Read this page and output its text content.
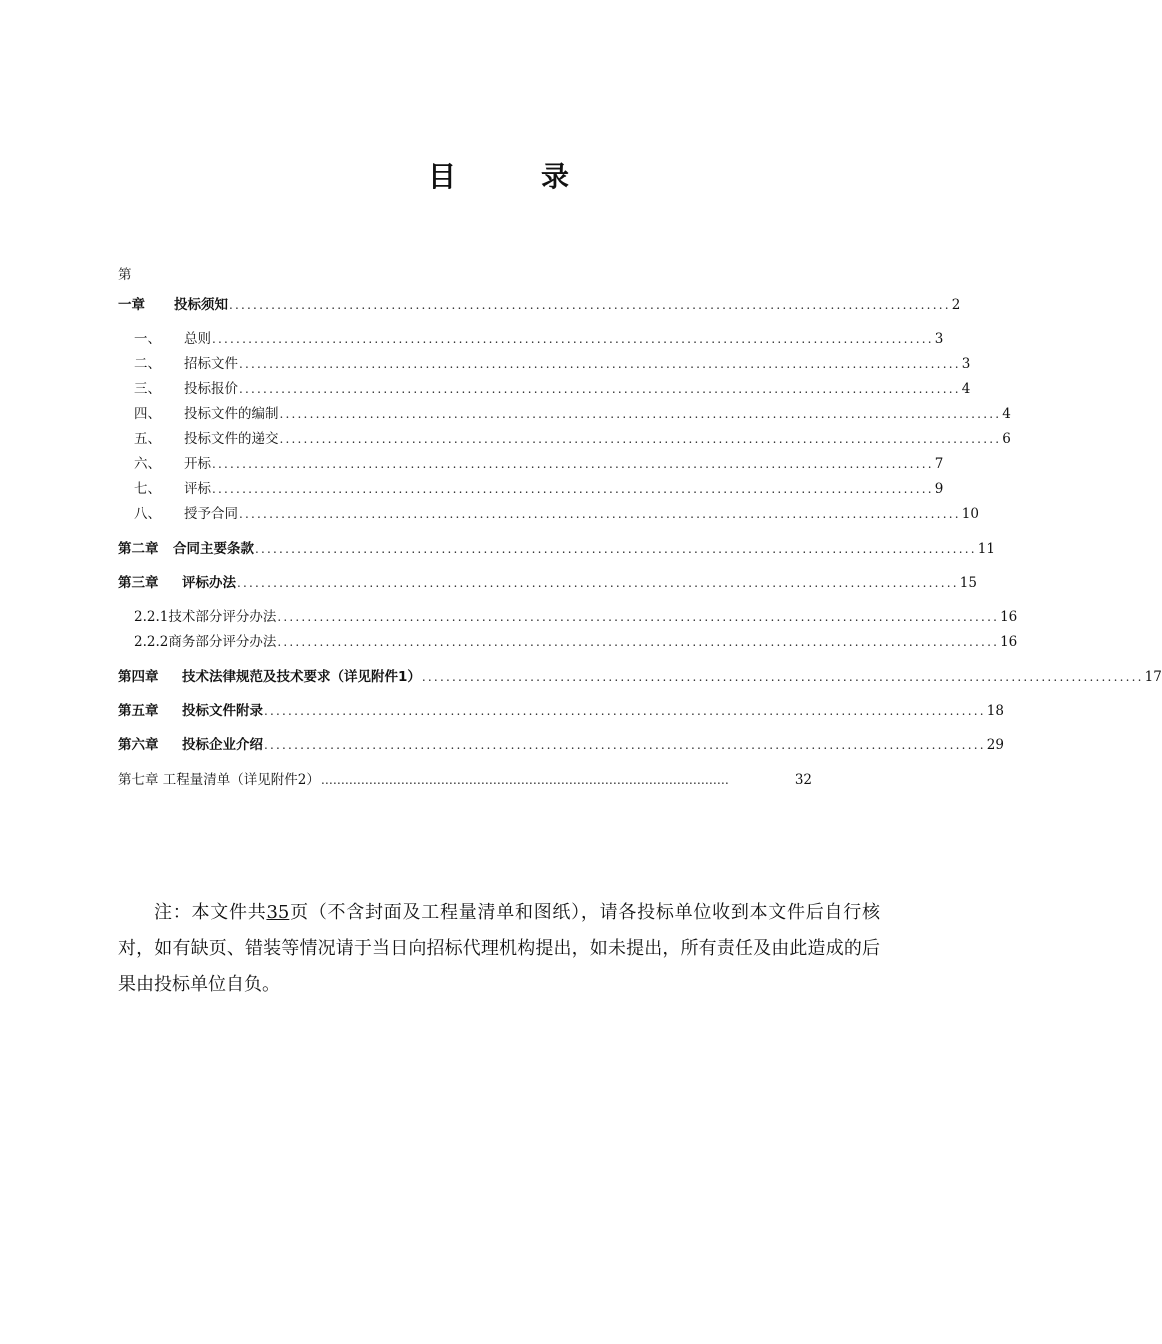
目	录
第
一章 投标须知 ........................................................................................................................ 2
一、 总则 ........................................................................................................................ 3
二、 招标文件 ........................................................................................................................ 3
三、 投标报价 ........................................................................................................................ 4
四、 投标文件的编制 ........................................................................................................................ 4
五、 投标文件的递交 ........................................................................................................................ 6
六、 开标 ........................................................................................................................ 7
七、 评标 ........................................................................................................................ 9
八、 授予合同 ........................................................................................................................ 10
第二章 合同主要条款 ........................................................................................................................ 11
第三章 评标办法 ........................................................................................................................ 15
2.2.1技术部分评分办法 ........................................................................................................................ 16
2.2.2商务部分评分办法 ........................................................................................................................ 16
第四章 技术法律规范及技术要求（详见附件1） ........................................................................................................................ 17
第五章 投标文件附录 ........................................................................................................................ 18
第六章 投标企业介绍 ........................................................................................................................ 29
第七章 工程量清单（详见附件2） …………………………………………………………………………………………	32

注：本文件共35页（不含封面及工程量清单和图纸），请各投标单位收到本文件后自行核对，如有缺页、错装等情况请于当日向招标代理机构提出，如未提出，所有责任及由此造成的后果由投标单位自负。
